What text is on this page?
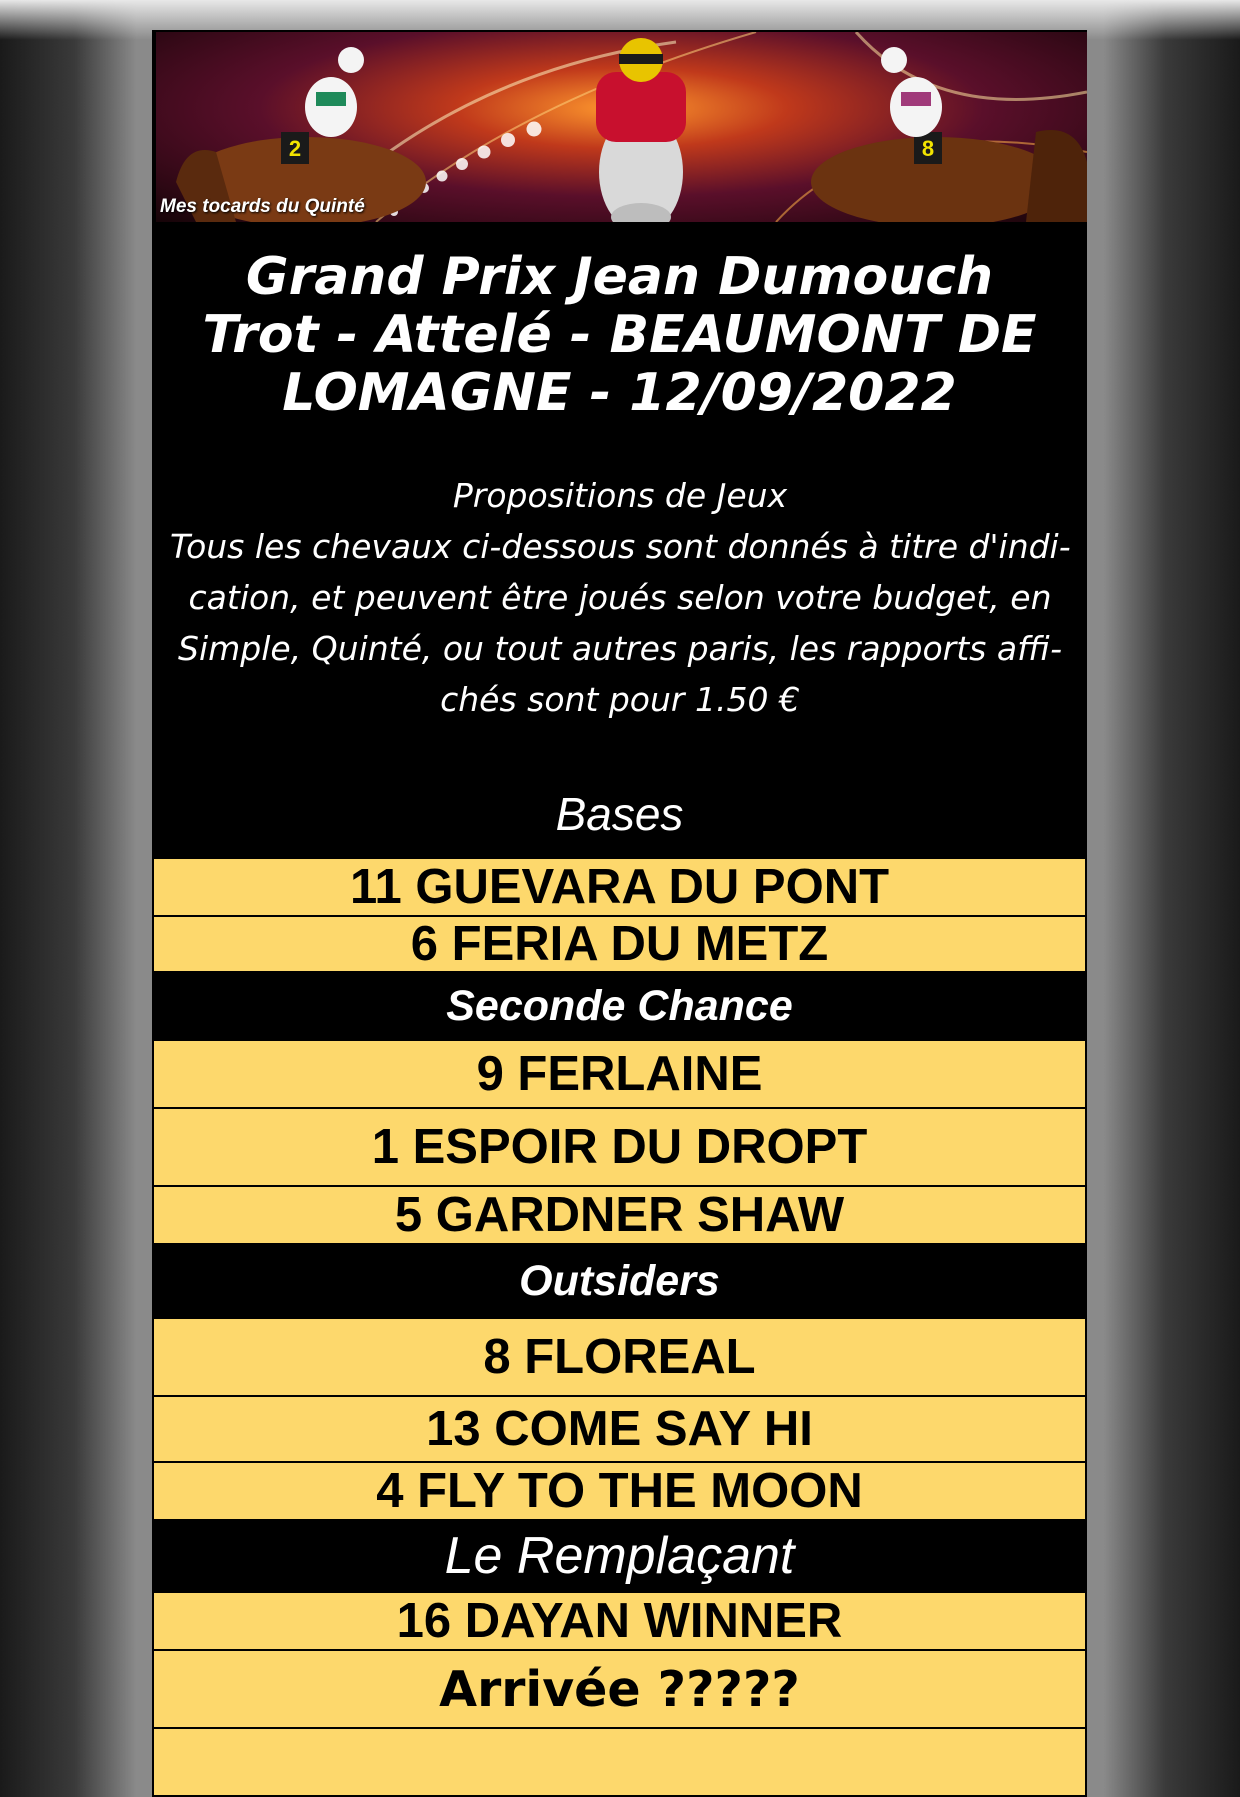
2	8
Mes tocards du Quinté
Grand Prix Jean Dumouch
Trot - Attelé - BEAUMONT DE
LOMAGNE - 12/09/2022
Propositions de Jeux
Tous les chevaux ci-dessous sont donnés à titre d'indi-
cation, et peuvent être joués selon votre budget, en
Simple, Quinté, ou tout autres paris, les rapports affi-
chés sont pour 1.50 €
Bases
11 GUEVARA DU PONT
6 FERIA DU METZ
Seconde Chance
9 FERLAINE
1 ESPOIR DU DROPT
5 GARDNER SHAW
Outsiders
8 FLOREAL
13 COME SAY HI
4 FLY TO THE MOON
Le Remplaçant
16 DAYAN WINNER
Arrivée ?????
